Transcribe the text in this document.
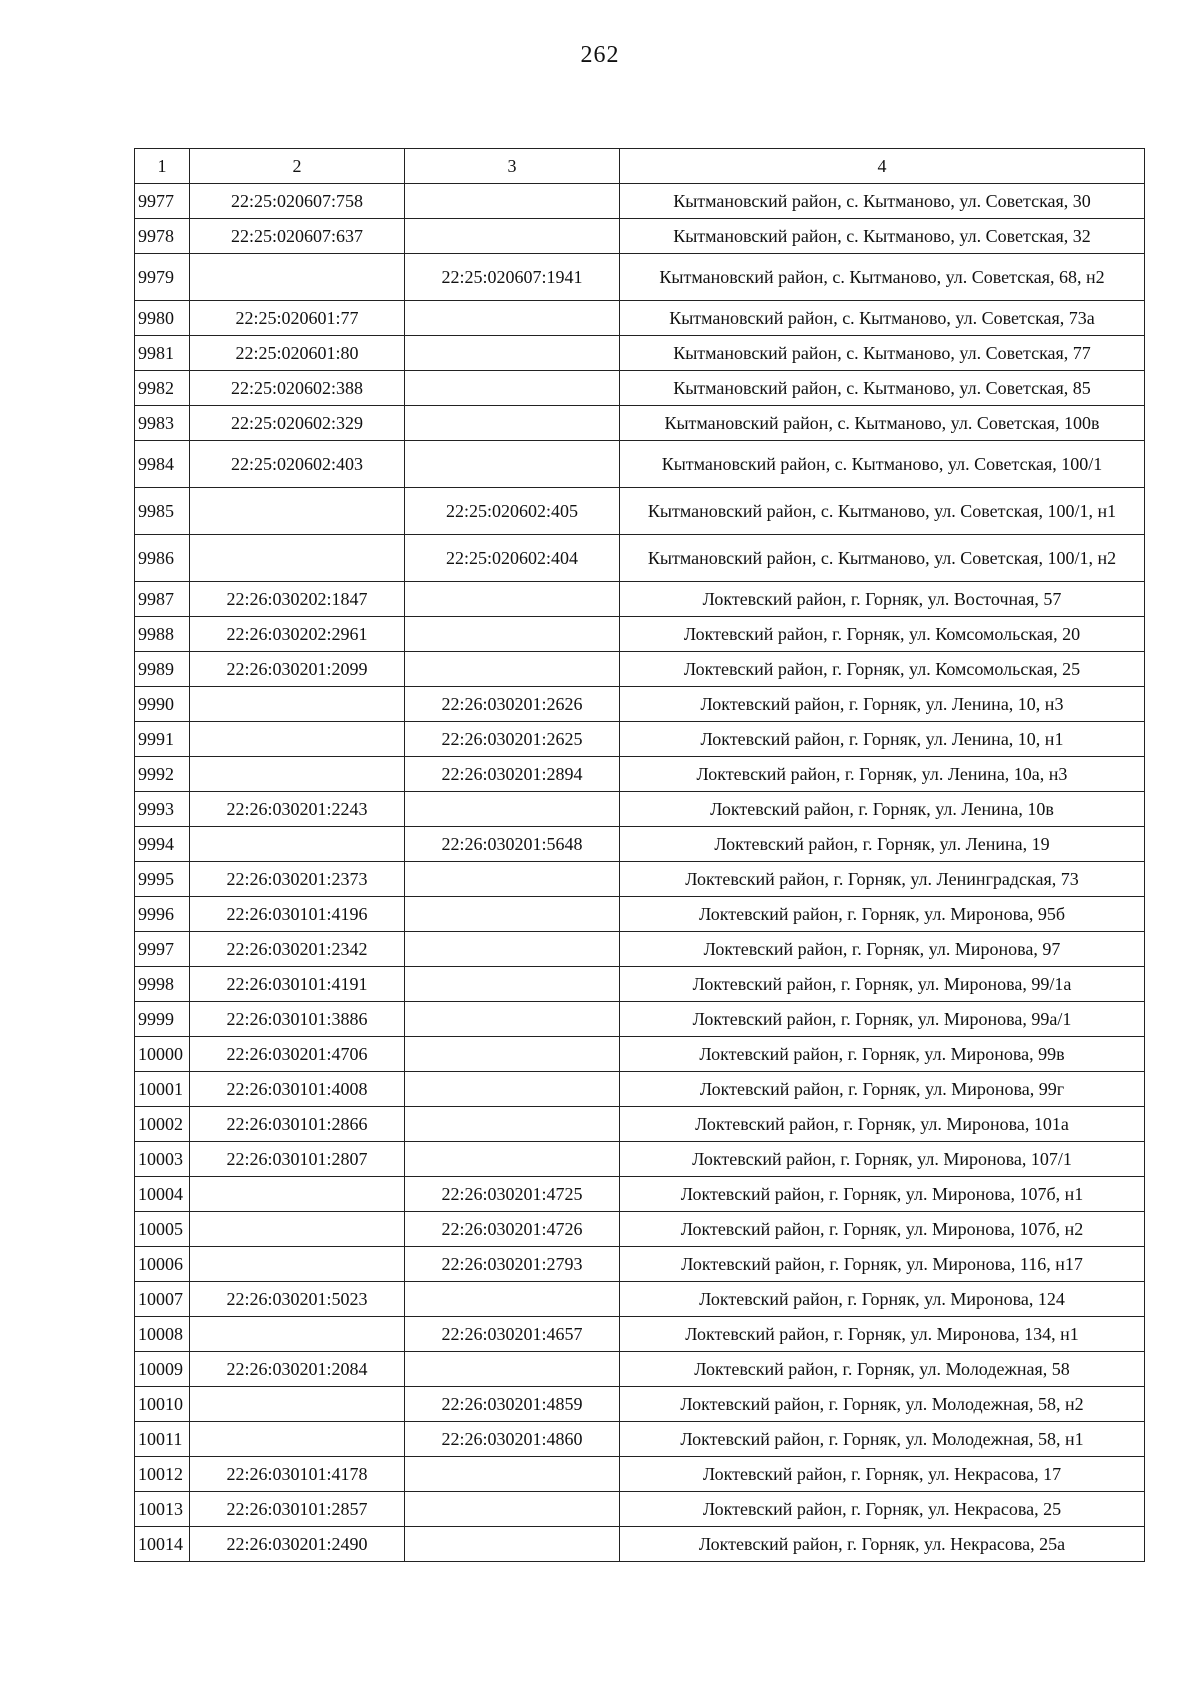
262
1	2	3	4
9977	22:25:020607:758		Кытмановский район, с. Кытманово, ул. Советская, 30
9978	22:25:020607:637		Кытмановский район, с. Кытманово, ул. Советская, 32
9979		22:25:020607:1941	Кытмановский район, с. Кытманово, ул. Советская, 68, н2
9980	22:25:020601:77		Кытмановский район, с. Кытманово, ул. Советская, 73а
9981	22:25:020601:80		Кытмановский район, с. Кытманово, ул. Советская, 77
9982	22:25:020602:388		Кытмановский район, с. Кытманово, ул. Советская, 85
9983	22:25:020602:329		Кытмановский район, с. Кытманово, ул. Советская, 100в
9984	22:25:020602:403		Кытмановский район, с. Кытманово, ул. Советская, 100/1
9985		22:25:020602:405	Кытмановский район, с. Кытманово, ул. Советская, 100/1, н1
9986		22:25:020602:404	Кытмановский район, с. Кытманово, ул. Советская, 100/1, н2
9987	22:26:030202:1847		Локтевский район, г. Горняк, ул. Восточная, 57
9988	22:26:030202:2961		Локтевский район, г. Горняк, ул. Комсомольская, 20
9989	22:26:030201:2099		Локтевский район, г. Горняк, ул. Комсомольская, 25
9990		22:26:030201:2626	Локтевский район, г. Горняк, ул. Ленина, 10, н3
9991		22:26:030201:2625	Локтевский район, г. Горняк, ул. Ленина, 10, н1
9992		22:26:030201:2894	Локтевский район, г. Горняк, ул. Ленина, 10а, н3
9993	22:26:030201:2243		Локтевский район, г. Горняк, ул. Ленина, 10в
9994		22:26:030201:5648	Локтевский район, г. Горняк, ул. Ленина, 19
9995	22:26:030201:2373		Локтевский район, г. Горняк, ул. Ленинградская, 73
9996	22:26:030101:4196		Локтевский район, г. Горняк, ул. Миронова, 95б
9997	22:26:030201:2342		Локтевский район, г. Горняк, ул. Миронова, 97
9998	22:26:030101:4191		Локтевский район, г. Горняк, ул. Миронова, 99/1а
9999	22:26:030101:3886		Локтевский район, г. Горняк, ул. Миронова, 99а/1
10000	22:26:030201:4706		Локтевский район, г. Горняк, ул. Миронова, 99в
10001	22:26:030101:4008		Локтевский район, г. Горняк, ул. Миронова, 99г
10002	22:26:030101:2866		Локтевский район, г. Горняк, ул. Миронова, 101а
10003	22:26:030101:2807		Локтевский район, г. Горняк, ул. Миронова, 107/1
10004		22:26:030201:4725	Локтевский район, г. Горняк, ул. Миронова, 107б, н1
10005		22:26:030201:4726	Локтевский район, г. Горняк, ул. Миронова, 107б, н2
10006		22:26:030201:2793	Локтевский район, г. Горняк, ул. Миронова, 116, н17
10007	22:26:030201:5023		Локтевский район, г. Горняк, ул. Миронова, 124
10008		22:26:030201:4657	Локтевский район, г. Горняк, ул. Миронова, 134, н1
10009	22:26:030201:2084		Локтевский район, г. Горняк, ул. Молодежная, 58
10010		22:26:030201:4859	Локтевский район, г. Горняк, ул. Молодежная, 58, н2
10011		22:26:030201:4860	Локтевский район, г. Горняк, ул. Молодежная, 58, н1
10012	22:26:030101:4178		Локтевский район, г. Горняк, ул. Некрасова, 17
10013	22:26:030101:2857		Локтевский район, г. Горняк, ул. Некрасова, 25
10014	22:26:030201:2490		Локтевский район, г. Горняк, ул. Некрасова, 25а
